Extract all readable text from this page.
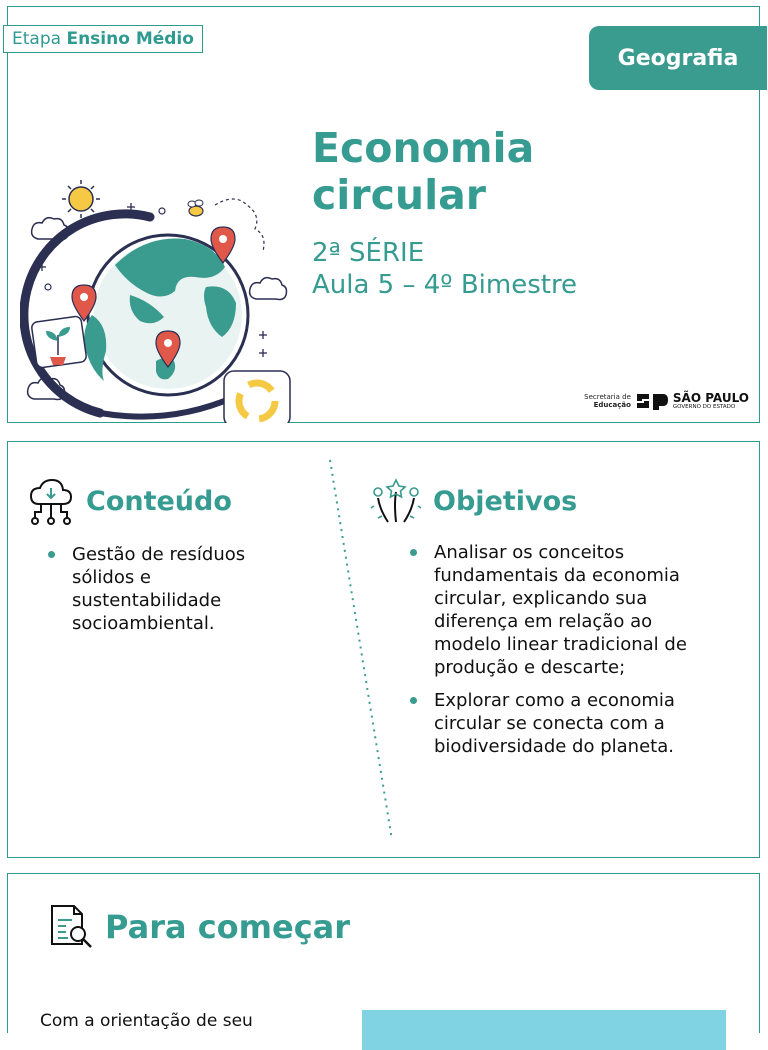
Etapa Ensino Médio
Geografia
Economia circular
2ª SÉRIE
Aula 5 – 4º Bimestre
Secretaria de
Educação
SÃO PAULO
GOVERNO DO ESTADO
Conteúdo
Gestão de resíduos sólidos e sustentabilidade socioambiental.
Objetivos
Analisar os conceitos fundamentais da economia circular, explicando sua diferença em relação ao modelo linear tradicional de produção e descarte;
Explorar como a economia circular se conecta com a biodiversidade do planeta.
Para começar
Com a orientação de seu
